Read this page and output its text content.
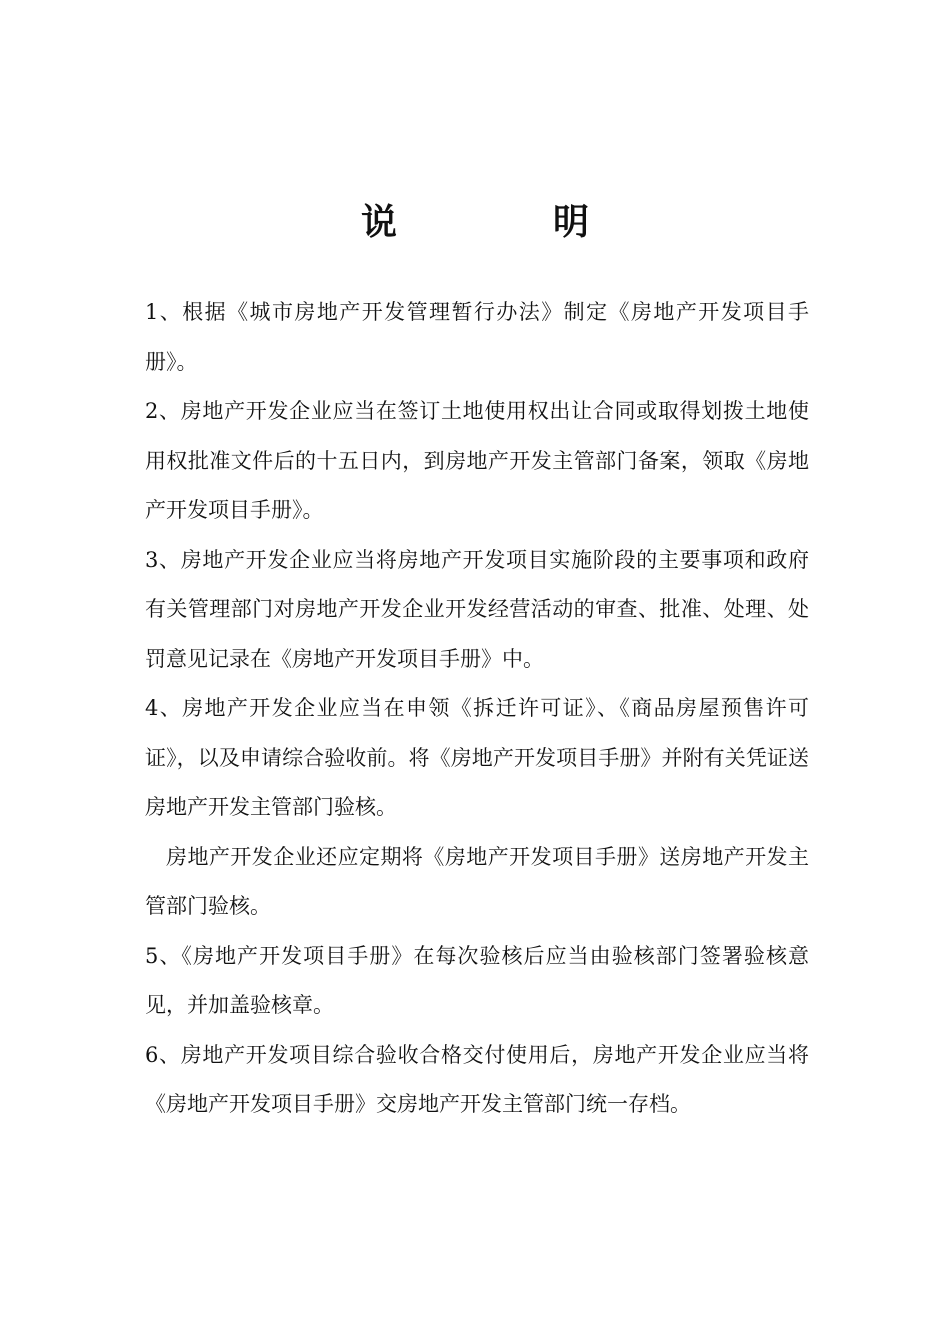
说　明

1、根据《城市房地产开发管理暂行办法》制定《房地产开发项目手册》。

2、房地产开发企业应当在签订土地使用权出让合同或取得划拨土地使用权批准文件后的十五日内，到房地产开发主管部门备案，领取《房地产开发项目手册》。

3、房地产开发企业应当将房地产开发项目实施阶段的主要事项和政府有关管理部门对房地产开发企业开发经营活动的审查、批准、处理、处罚意见记录在《房地产开发项目手册》中。

4、房地产开发企业应当在申领《拆迁许可证》、《商品房屋预售许可证》，以及申请综合验收前。将《房地产开发项目手册》并附有关凭证送房地产开发主管部门验核。

房地产开发企业还应定期将《房地产开发项目手册》送房地产开发主管部门验核。

5、《房地产开发项目手册》在每次验核后应当由验核部门签署验核意见，并加盖验核章。

6、房地产开发项目综合验收合格交付使用后，房地产开发企业应当将《房地产开发项目手册》交房地产开发主管部门统一存档。
